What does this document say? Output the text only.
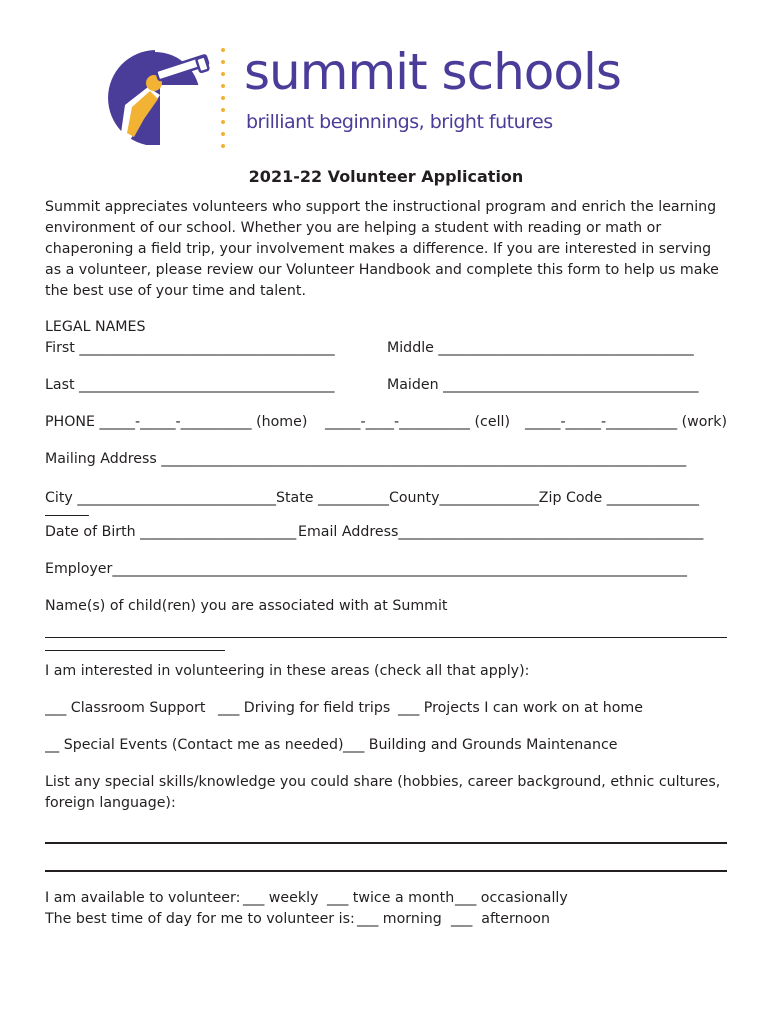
summit schools
brilliant beginnings, bright futures
2021-22 Volunteer Application
Summit appreciates volunteers who support the instructional program and enrich the learning environment of our school. Whether you are helping a student with reading or math or chaperoning a field trip, your involvement makes a difference. If you are interested in serving as a volunteer, please review our Volunteer Handbook and complete this form to help us make the best use of your time and talent.
LEGAL NAMES
First ____________________________________	Middle ____________________________________
Last ____________________________________	Maiden ____________________________________
PHONE _____-_____-__________ (home)	_____-____-__________ (cell)	_____-_____-__________ (work)
Mailing Address __________________________________________________________________________
City ____________________________State __________County______________Zip Code _____________
Date of Birth ______________________ Email Address___________________________________________
Employer_________________________________________________________________________________
Name(s) of child(ren) you are associated with at Summit
I am interested in volunteering in these areas (check all that apply):
___ Classroom Support ___ Driving for field trips ___ Projects I can work on at home
__ Special Events (Contact me as needed) ___ Building and Grounds Maintenance
List any special skills/knowledge you could share (hobbies, career background, ethnic cultures, foreign language):
I am available to volunteer: ___ weekly ___ twice a month ___ occasionally
The best time of day for me to volunteer is: ___ morning ___  afternoon
